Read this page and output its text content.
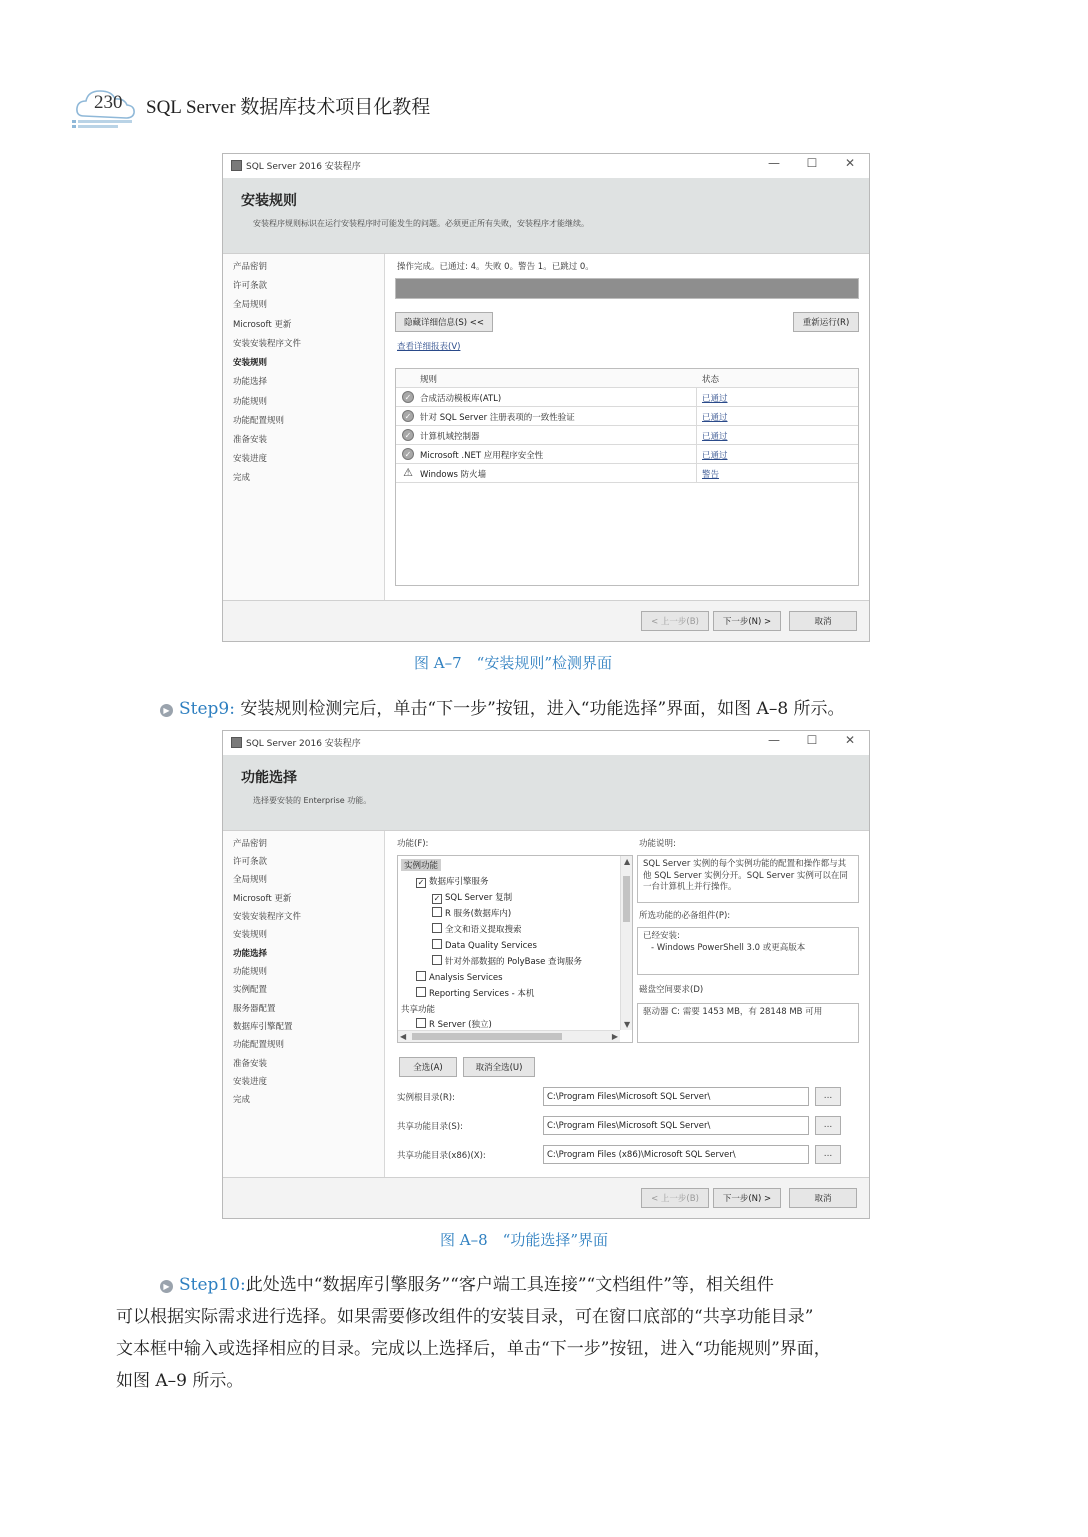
230 SQL Server 数据库技术项目化教程
SQL Server 2016 安装程序	—	☐	✕
安装规则
安装程序规则标识在运行安装程序时可能发生的问题。必须更正所有失败，安装程序才能继续。
产品密钥
许可条款
全局规则
Microsoft 更新
安装安装程序文件
安装规则
功能选择
功能规则
功能配置规则
准备安装
安装进度
完成
操作完成。已通过: 4。失败 0。警告 1。已跳过 0。
隐藏详细信息(S) <<	重新运行(R)
查看详细报表(V)
规则	状态
✓	合成活动模板库(ATL)	已通过
✓	针对 SQL Server 注册表项的一致性验证	已通过
✓	计算机域控制器	已通过
✓	Microsoft .NET 应用程序安全性	已通过
⚠ Windows 防火墙	警告
< 上一步(B)	下一步(N) >	取消
图 A–7　“安装规则”检测界面
▶ Step9: 安装规则检测完后，单击“下一步”按钮，进入“功能选择”界面，如图 A–8 所示。
SQL Server 2016 安装程序	—	☐	✕
功能选择
选择要安装的 Enterprise 功能。
产品密钥
许可条款
全局规则
Microsoft 更新
安装安装程序文件
安装规则
功能选择
功能规则
实例配置
服务器配置
数据库引擎配置
功能配置规则
准备安装
安装进度
完成
功能(F):
实例功能
✓ 数据库引擎服务
✓ SQL Server 复制
R 服务(数据库内)
全文和语义提取搜索
Data Quality Services
针对外部数据的 PolyBase 查询服务
Analysis Services
Reporting Services - 本机
共享功能
R Server (独立)
▲
▼
◀	▶
功能说明:
SQL Server 实例的每个实例功能的配置和操作都与其他 SQL Server 实例分开。SQL Server 实例可以在同一台计算机上并行操作。
所选功能的必备组件(P):
已经安装:
- Windows PowerShell 3.0 或更高版本
磁盘空间要求(D)
驱动器 C: 需要 1453 MB，有 28148 MB 可用
全选(A)	取消全选(U)
实例根目录(R):	C:\Program Files\Microsoft SQL Server\	...
共享功能目录(S):	C:\Program Files\Microsoft SQL Server\	...
共享功能目录(x86)(X):	C:\Program Files (x86)\Microsoft SQL Server\	...
< 上一步(B)	下一步(N) >	取消
图 A–8　“功能选择”界面
▶ Step10:此处选中“数据库引擎服务”“客户端工具连接”“文档组件”等，相关组件
可以根据实际需求进行选择。如果需要修改组件的安装目录，可在窗口底部的“共享功能目录”
文本框中输入或选择相应的目录。完成以上选择后，单击“下一步”按钮，进入“功能规则”界面，
如图 A–9 所示。
